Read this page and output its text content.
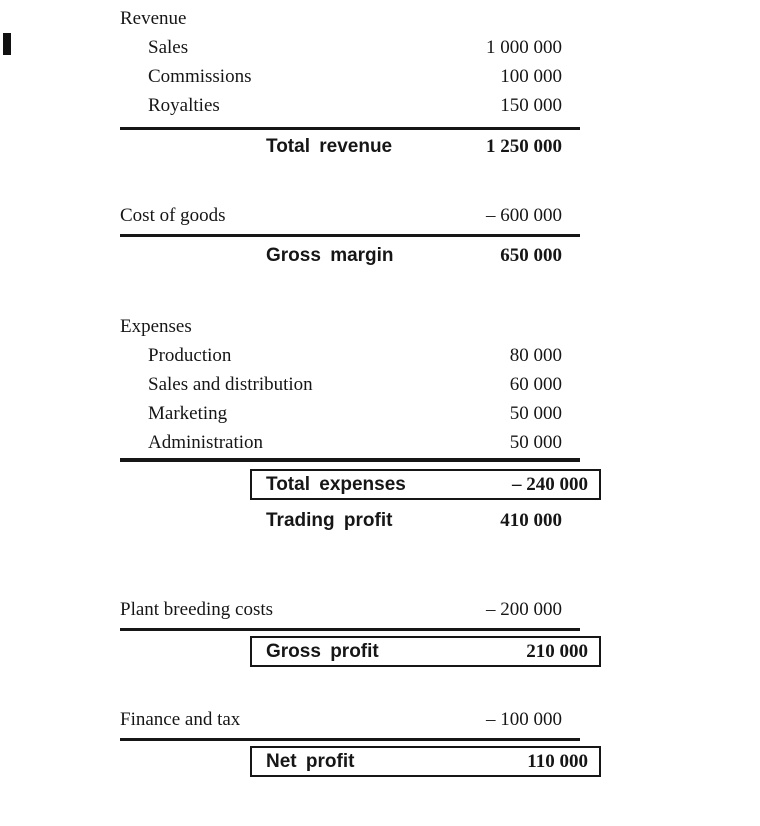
Revenue
Sales	1 000 000
Commissions	100 000
Royalties	150 000
Total revenue	1 250 000
Cost of goods	– 600 000
Gross margin	650 000
Expenses
Production	80 000
Sales and distribution	60 000
Marketing	50 000
Administration	50 000
Total expenses	– 240 000
Trading profit	410 000
Plant breeding costs	– 200 000
Gross profit	210 000
Finance and tax	– 100 000
Net profit	110 000
